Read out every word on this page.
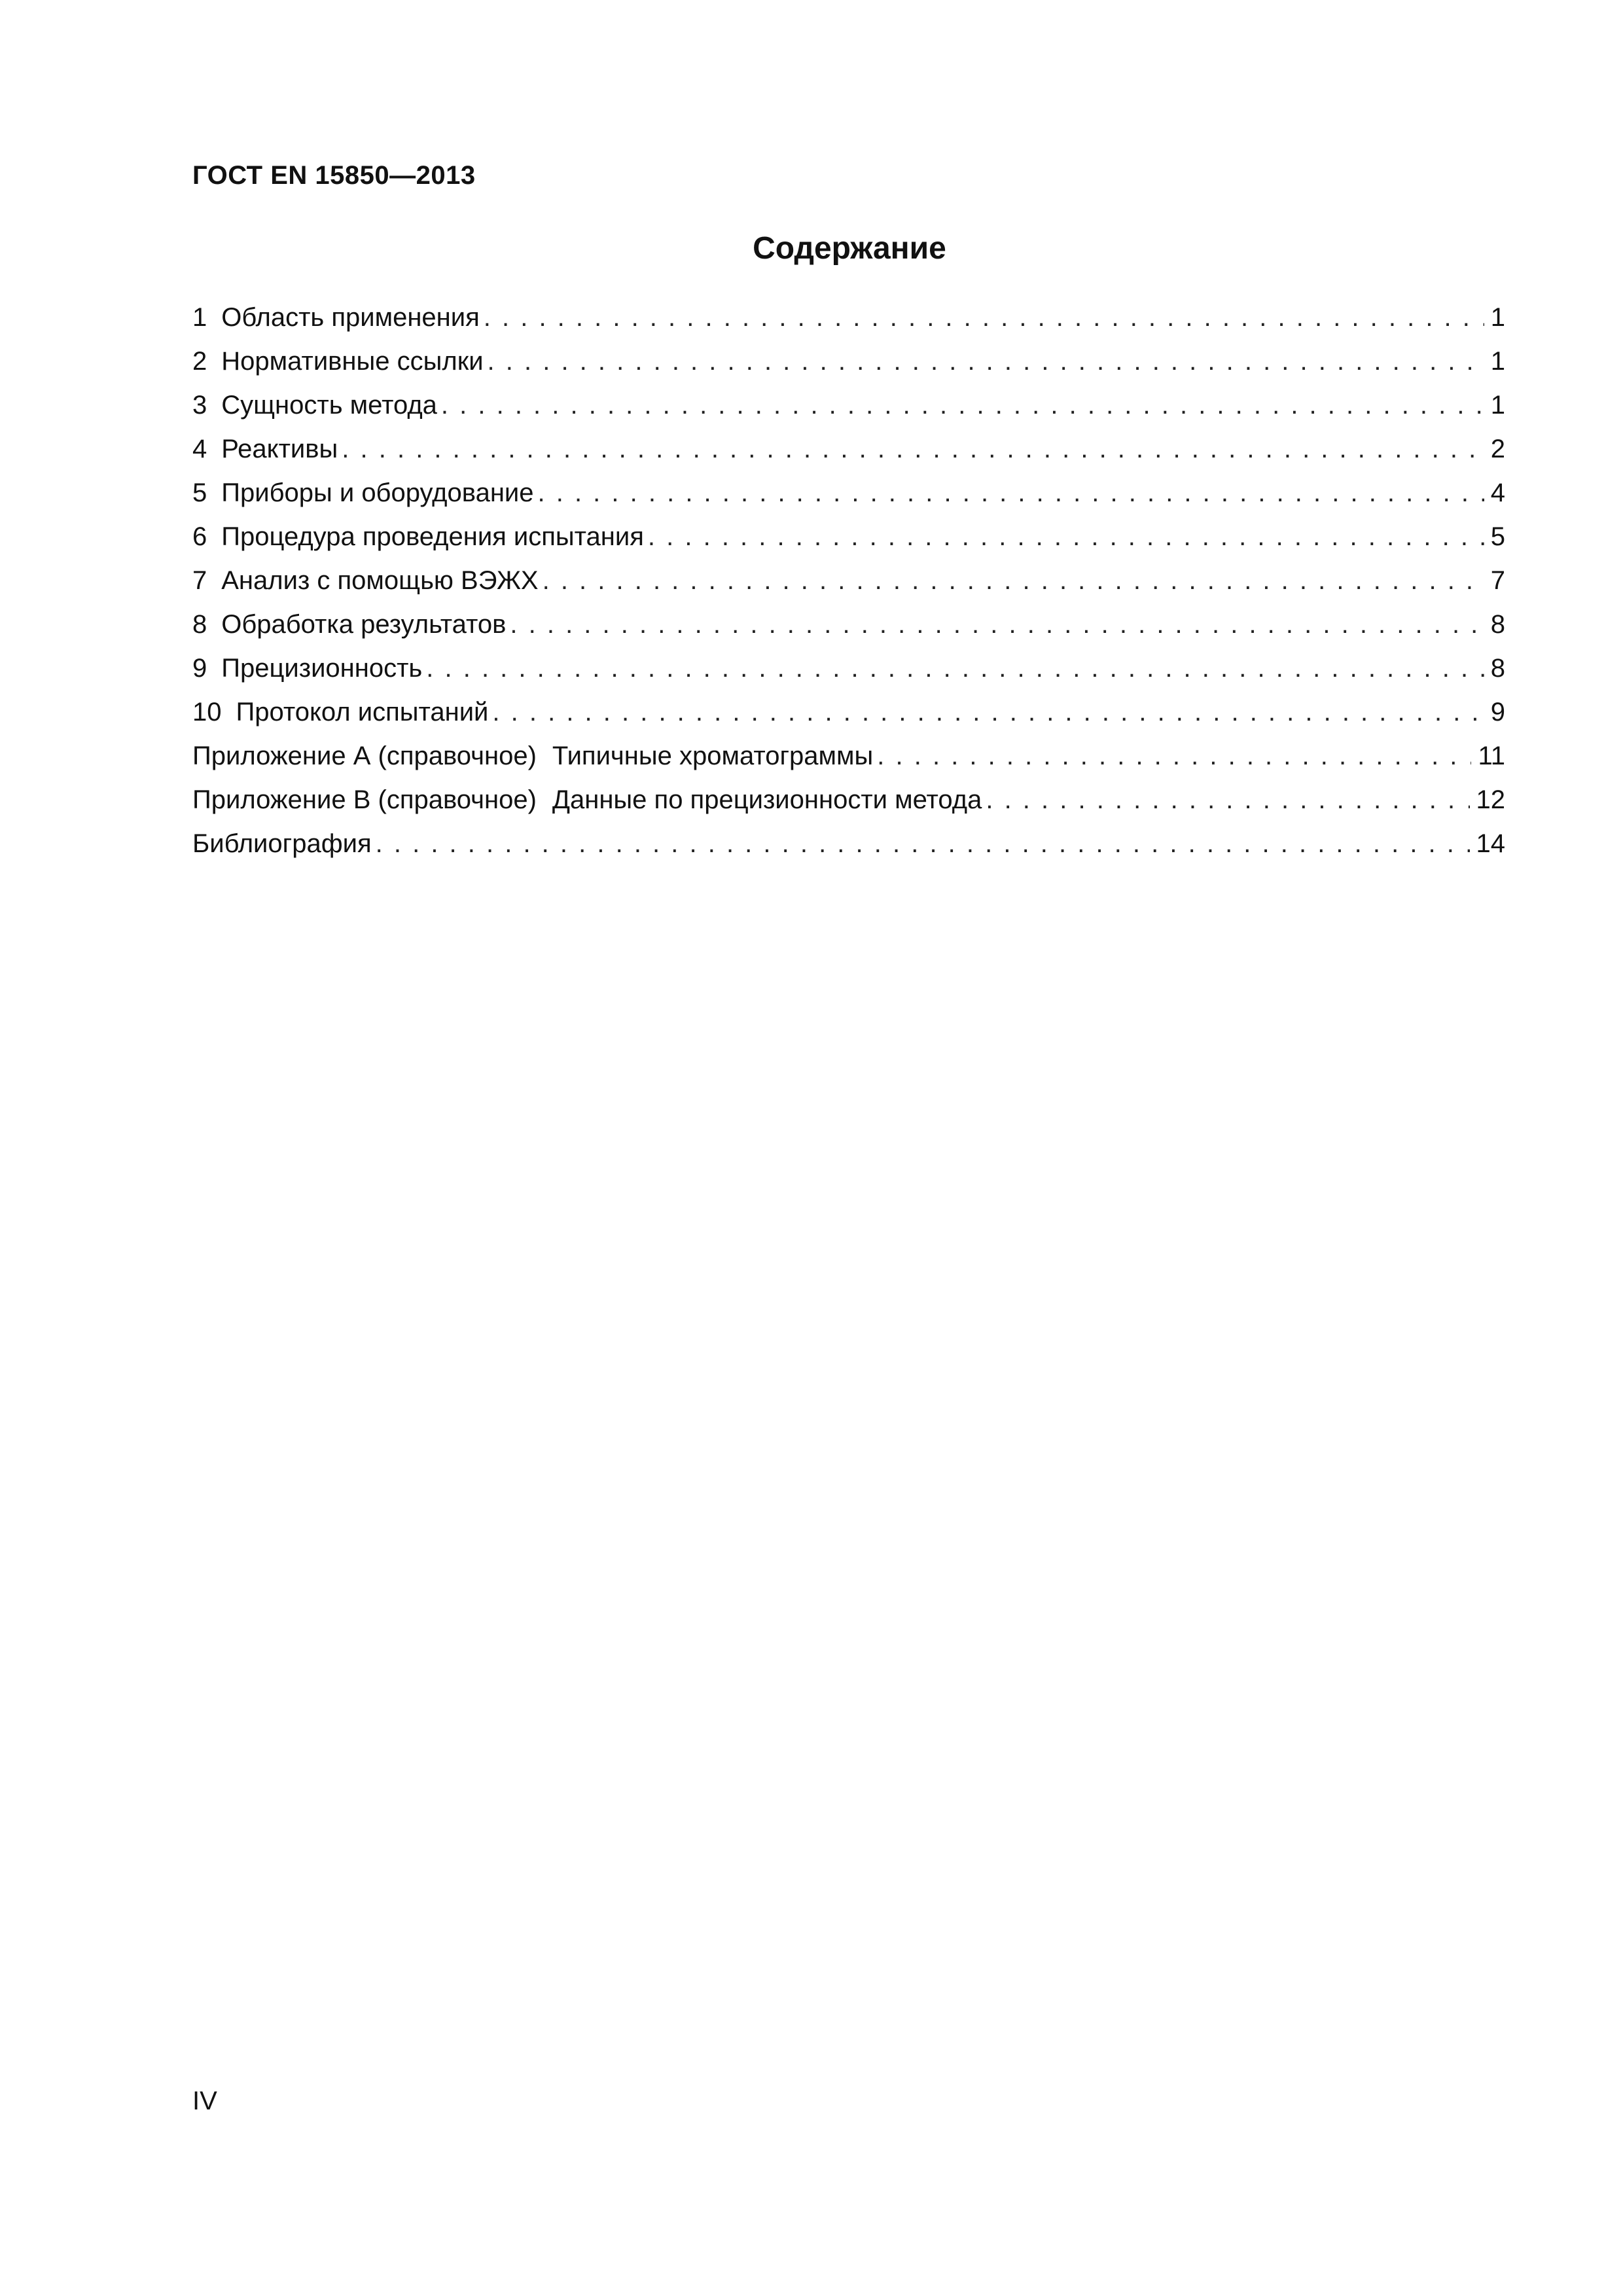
ГОСТ EN 15850—2013
Содержание
1 Область применения . . .	1
2 Нормативные ссылки . . .	1
3 Сущность метода . . .	1
4 Реактивы . . .	2
5 Приборы и оборудование . . .	4
6 Процедура проведения испытания . . .	5
7 Анализ с помощью ВЭЖХ . . .	7
8 Обработка результатов . . .	8
9 Прецизионность . . .	8
10 Протокол испытаний . . .	9
Приложение А (справочное) Типичные хроматограммы . . .	11
Приложение В (справочное) Данные по прецизионности метода . . .	12
Библиография . . .	14
IV
